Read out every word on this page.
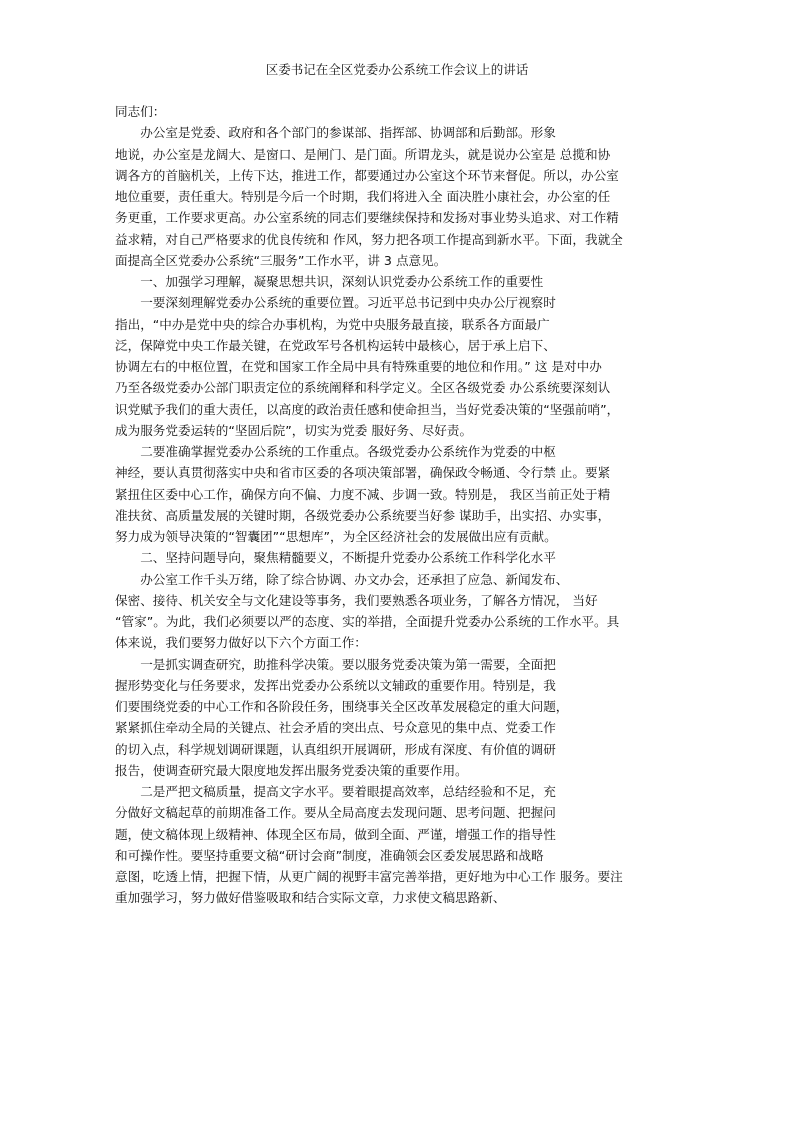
区委书记在全区党委办公系统工作会议上的讲话
同志们：
　　办公室是党委、政府和各个部门的参谋部、指挥部、协调部和后勤部。形象
地说，办公室是龙阔大、是窗口、是闸门、是门面。所谓龙头，就是说办公室是 总揽和协
调各方的首脑机关，上传下达，推进工作，都要通过办公室这个环节来督促。所以，办公室
地位重要，责任重大。特别是今后一个时期，我们将进入全 面决胜小康社会，办公室的任
务更重，工作要求更高。办公室系统的同志们要继续保持和发扬对事业势头追求、对工作精
益求精，对自己严格要求的优良传统和 作风，努力把各项工作提高到新水平。下面，我就全
面提高全区党委办公系统“三服务”工作水平，讲 3 点意见。
　　一、加强学习理解，凝聚思想共识，深刻认识党委办公系统工作的重要性
　　一要深刻理解党委办公系统的重要位置。习近平总书记到中央办公厅视察时
指出，“中办是党中央的综合办事机构，为党中央服务最直接，联系各方面最广
泛，保障党中央工作最关键，在党政军号各机构运转中最核心，居于承上启下、
协调左右的中枢位置，在党和国家工作全局中具有特殊重要的地位和作用。” 这 是对中办
乃至各级党委办公部门职责定位的系统阐释和科学定义。全区各级党委 办公系统要深刻认
识党赋予我们的重大责任，以高度的政治责任感和使命担当，当好党委决策的“坚强前哨”，
成为服务党委运转的“坚固后院”，切实为党委 服好务、尽好责。
　　二要准确掌握党委办公系统的工作重点。各级党委办公系统作为党委的中枢
神经，要认真贯彻落实中央和省市区委的各项决策部署，确保政令畅通、令行禁 止。要紧
紧扭住区委中心工作，确保方向不偏、力度不减、步调一致。特别是， 我区当前正处于精
准扶贫、高质量发展的关键时期，各级党委办公系统要当好参 谋助手，出实招、办实事，
努力成为领导决策的“智囊团”“思想库”，为全区经济社会的发展做出应有贡献。
　　二、坚持问题导向，聚焦精髓要义，不断提升党委办公系统工作科学化水平
　　办公室工作千头万绪，除了综合协调、办文办会，还承担了应急、新闻发布、
保密、接待、机关安全与文化建设等事务，我们要熟悉各项业务，了解各方情况， 当好
“管家”。为此，我们必须要以严的态度、实的举措，全面提升党委办公系统的工作水平。具
体来说，我们要努力做好以下六个方面工作：
　　一是抓实调查研究，助推科学决策。要以服务党委决策为第一需要，全面把
握形势变化与任务要求，发挥出党委办公系统以文辅政的重要作用。特别是，我
们要围绕党委的中心工作和各阶段任务，围绕事关全区改革发展稳定的重大问题，
紧紧抓住牵动全局的关键点、社会矛盾的突出点、号众意见的集中点、党委工作
的切入点，科学规划调研课题，认真组织开展调研，形成有深度、有价值的调研
报告，使调查研究最大限度地发挥出服务党委决策的重要作用。
　　二是严把文稿质量，提高文字水平。要着眼提高效率，总结经验和不足，充
分做好文稿起草的前期准备工作。要从全局高度去发现问题、思考问题、把握问
题，使文稿体现上级精神、体现全区布局，做到全面、严谨，增强工作的指导性
和可操作性。要坚持重要文稿“研讨会商”制度，准确领会区委发展思路和战略
意图，吃透上情，把握下情，从更广阔的视野丰富完善举措，更好地为中心工作 服务。要注
重加强学习，努力做好借鉴吸取和结合实际文章，力求使文稿思路新、
